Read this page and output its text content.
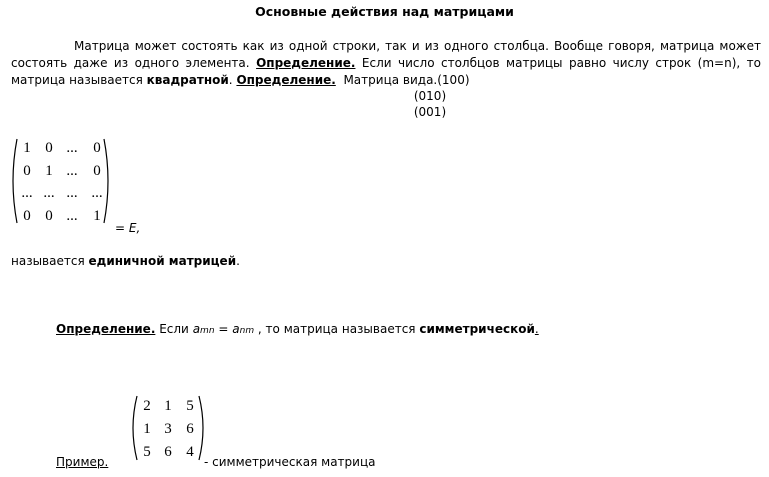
Основные действия над матрицами
Матрица может состоять как из одной строки, так и из одного столбца. Вообще говоря, матрица может состоять даже из одного элемента. Определение. Если число столбцов матрицы равно числу строк (m=n), то матрица называется квадратной. Определение. Матрица вида.(100)
(010)
(001)
1 0 ... 0
0 1 ... 0
... ... ... ...
0 0 ... 1
= E,
называется единичной матрицей.
Определение. Если amn = anm , то матрица называется симметрической.
2 1 5
1 3 6
5 6 4
Пример.	- симметрическая матрица
